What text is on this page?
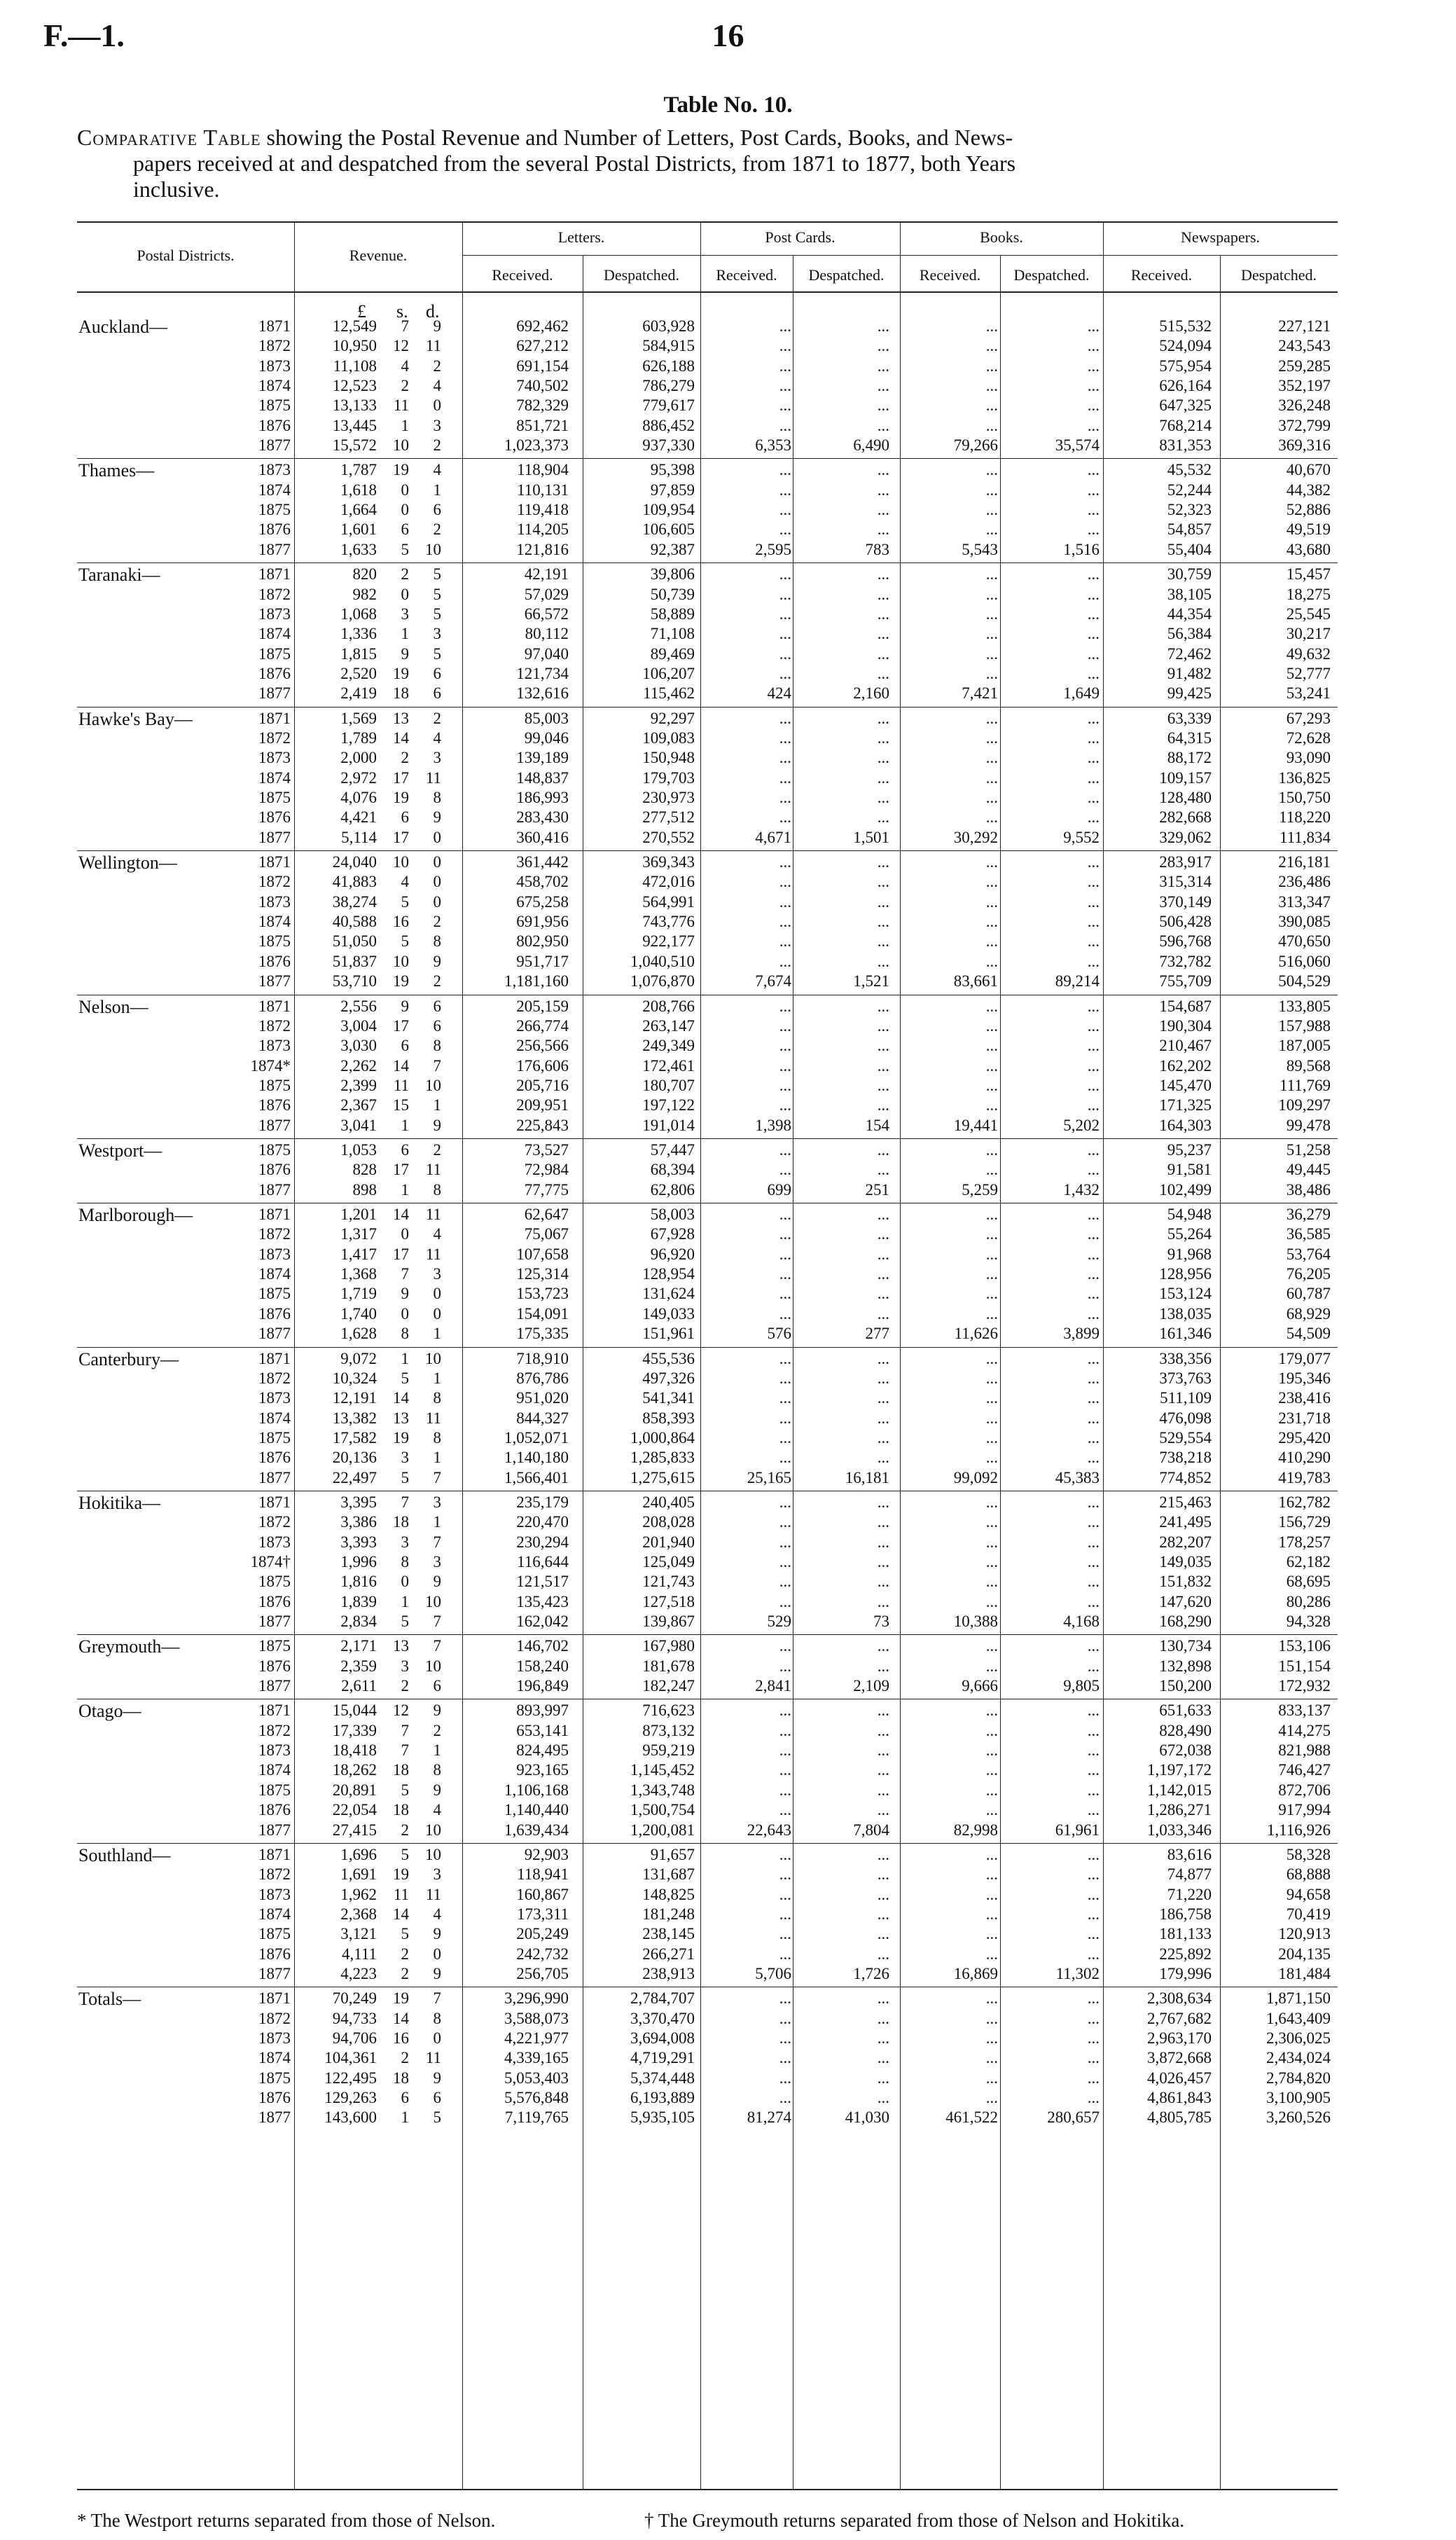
F.—1.	16
Table No. 10.
Comparative Table showing the Postal Revenue and Number of Letters, Post Cards, Books, and News-
papers received at and despatched from the several Postal Districts, from 1871 to 1877, both Years
inclusive.
Postal Districts.	Revenue.
Letters.	Post Cards.	Books.	Newspapers.
Received.	Despatched.	Received.	Despatched.	Received.	Despatched.	Received.	Despatched.
£ s. d.
Auckland—	1871	12,549	7	9	692,462	603,928	...	...	...	...	515,532	227,121
1872	10,950	12	11	627,212	584,915	...	...	...	...	524,094	243,543
1873	11,108	4	2	691,154	626,188	...	...	...	...	575,954	259,285
1874	12,523	2	4	740,502	786,279	...	...	...	...	626,164	352,197
1875	13,133	11	0	782,329	779,617	...	...	...	...	647,325	326,248
1876	13,445	1	3	851,721	886,452	...	...	...	...	768,214	372,799
1877	15,572	10	2	1,023,373	937,330	6,353	6,490	79,266	35,574	831,353	369,316
Thames—	1873	1,787	19	4	118,904	95,398	...	...	...	...	45,532	40,670
1874	1,618	0	1	110,131	97,859	...	...	...	...	52,244	44,382
1875	1,664	0	6	119,418	109,954	...	...	...	...	52,323	52,886
1876	1,601	6	2	114,205	106,605	...	...	...	...	54,857	49,519
1877	1,633	5	10	121,816	92,387	2,595	783	5,543	1,516	55,404	43,680
Taranaki—	1871	820	2	5	42,191	39,806	...	...	...	...	30,759	15,457
1872	982	0	5	57,029	50,739	...	...	...	...	38,105	18,275
1873	1,068	3	5	66,572	58,889	...	...	...	...	44,354	25,545
1874	1,336	1	3	80,112	71,108	...	...	...	...	56,384	30,217
1875	1,815	9	5	97,040	89,469	...	...	...	...	72,462	49,632
1876	2,520	19	6	121,734	106,207	...	...	...	...	91,482	52,777
1877	2,419	18	6	132,616	115,462	424	2,160	7,421	1,649	99,425	53,241
Hawke's Bay—	1871	1,569	13	2	85,003	92,297	...	...	...	...	63,339	67,293
1872	1,789	14	4	99,046	109,083	...	...	...	...	64,315	72,628
1873	2,000	2	3	139,189	150,948	...	...	...	...	88,172	93,090
1874	2,972	17	11	148,837	179,703	...	...	...	...	109,157	136,825
1875	4,076	19	8	186,993	230,973	...	...	...	...	128,480	150,750
1876	4,421	6	9	283,430	277,512	...	...	...	...	282,668	118,220
1877	5,114	17	0	360,416	270,552	4,671	1,501	30,292	9,552	329,062	111,834
Wellington—	1871	24,040	10	0	361,442	369,343	...	...	...	...	283,917	216,181
1872	41,883	4	0	458,702	472,016	...	...	...	...	315,314	236,486
1873	38,274	5	0	675,258	564,991	...	...	...	...	370,149	313,347
1874	40,588	16	2	691,956	743,776	...	...	...	...	506,428	390,085
1875	51,050	5	8	802,950	922,177	...	...	...	...	596,768	470,650
1876	51,837	10	9	951,717	1,040,510	...	...	...	...	732,782	516,060
1877	53,710	19	2	1,181,160	1,076,870	7,674	1,521	83,661	89,214	755,709	504,529
Nelson—	1871	2,556	9	6	205,159	208,766	...	...	...	...	154,687	133,805
1872	3,004	17	6	266,774	263,147	...	...	...	...	190,304	157,988
1873	3,030	6	8	256,566	249,349	...	...	...	...	210,467	187,005
1874*	2,262	14	7	176,606	172,461	...	...	...	...	162,202	89,568
1875	2,399	11	10	205,716	180,707	...	...	...	...	145,470	111,769
1876	2,367	15	1	209,951	197,122	...	...	...	...	171,325	109,297
1877	3,041	1	9	225,843	191,014	1,398	154	19,441	5,202	164,303	99,478
Westport—	1875	1,053	6	2	73,527	57,447	...	...	...	...	95,237	51,258
1876	828	17	11	72,984	68,394	...	...	...	...	91,581	49,445
1877	898	1	8	77,775	62,806	699	251	5,259	1,432	102,499	38,486
Marlborough—	1871	1,201	14	11	62,647	58,003	...	...	...	...	54,948	36,279
1872	1,317	0	4	75,067	67,928	...	...	...	...	55,264	36,585
1873	1,417	17	11	107,658	96,920	...	...	...	...	91,968	53,764
1874	1,368	7	3	125,314	128,954	...	...	...	...	128,956	76,205
1875	1,719	9	0	153,723	131,624	...	...	...	...	153,124	60,787
1876	1,740	0	0	154,091	149,033	...	...	...	...	138,035	68,929
1877	1,628	8	1	175,335	151,961	576	277	11,626	3,899	161,346	54,509
Canterbury—	1871	9,072	1	10	718,910	455,536	...	...	...	...	338,356	179,077
1872	10,324	5	1	876,786	497,326	...	...	...	...	373,763	195,346
1873	12,191	14	8	951,020	541,341	...	...	...	...	511,109	238,416
1874	13,382	13	11	844,327	858,393	...	...	...	...	476,098	231,718
1875	17,582	19	8	1,052,071	1,000,864	...	...	...	...	529,554	295,420
1876	20,136	3	1	1,140,180	1,285,833	...	...	...	...	738,218	410,290
1877	22,497	5	7	1,566,401	1,275,615	25,165	16,181	99,092	45,383	774,852	419,783
Hokitika—	1871	3,395	7	3	235,179	240,405	...	...	...	...	215,463	162,782
1872	3,386	18	1	220,470	208,028	...	...	...	...	241,495	156,729
1873	3,393	3	7	230,294	201,940	...	...	...	...	282,207	178,257
1874†	1,996	8	3	116,644	125,049	...	...	...	...	149,035	62,182
1875	1,816	0	9	121,517	121,743	...	...	...	...	151,832	68,695
1876	1,839	1	10	135,423	127,518	...	...	...	...	147,620	80,286
1877	2,834	5	7	162,042	139,867	529	73	10,388	4,168	168,290	94,328
Greymouth—	1875	2,171	13	7	146,702	167,980	...	...	...	...	130,734	153,106
1876	2,359	3	10	158,240	181,678	...	...	...	...	132,898	151,154
1877	2,611	2	6	196,849	182,247	2,841	2,109	9,666	9,805	150,200	172,932
Otago—	1871	15,044	12	9	893,997	716,623	...	...	...	...	651,633	833,137
1872	17,339	7	2	653,141	873,132	...	...	...	...	828,490	414,275
1873	18,418	7	1	824,495	959,219	...	...	...	...	672,038	821,988
1874	18,262	18	8	923,165	1,145,452	...	...	...	...	1,197,172	746,427
1875	20,891	5	9	1,106,168	1,343,748	...	...	...	...	1,142,015	872,706
1876	22,054	18	4	1,140,440	1,500,754	...	...	...	...	1,286,271	917,994
1877	27,415	2	10	1,639,434	1,200,081	22,643	7,804	82,998	61,961	1,033,346	1,116,926
Southland—	1871	1,696	5	10	92,903	91,657	...	...	...	...	83,616	58,328
1872	1,691	19	3	118,941	131,687	...	...	...	...	74,877	68,888
1873	1,962	11	11	160,867	148,825	...	...	...	...	71,220	94,658
1874	2,368	14	4	173,311	181,248	...	...	...	...	186,758	70,419
1875	3,121	5	9	205,249	238,145	...	...	...	...	181,133	120,913
1876	4,111	2	0	242,732	266,271	...	...	...	...	225,892	204,135
1877	4,223	2	9	256,705	238,913	5,706	1,726	16,869	11,302	179,996	181,484
Totals—	1871	70,249	19	7	3,296,990	2,784,707	...	...	...	...	2,308,634	1,871,150
1872	94,733	14	8	3,588,073	3,370,470	...	...	...	...	2,767,682	1,643,409
1873	94,706	16	0	4,221,977	3,694,008	...	...	...	...	2,963,170	2,306,025
1874	104,361	2	11	4,339,165	4,719,291	...	...	...	...	3,872,668	2,434,024
1875	122,495	18	9	5,053,403	5,374,448	...	...	...	...	4,026,457	2,784,820
1876	129,263	6	6	5,576,848	6,193,889	...	...	...	...	4,861,843	3,100,905
1877	143,600	1	5	7,119,765	5,935,105	81,274	41,030	461,522	280,657	4,805,785	3,260,526
* The Westport returns separated from those of Nelson.	† The Greymouth returns separated from those of Nelson and Hokitika.
